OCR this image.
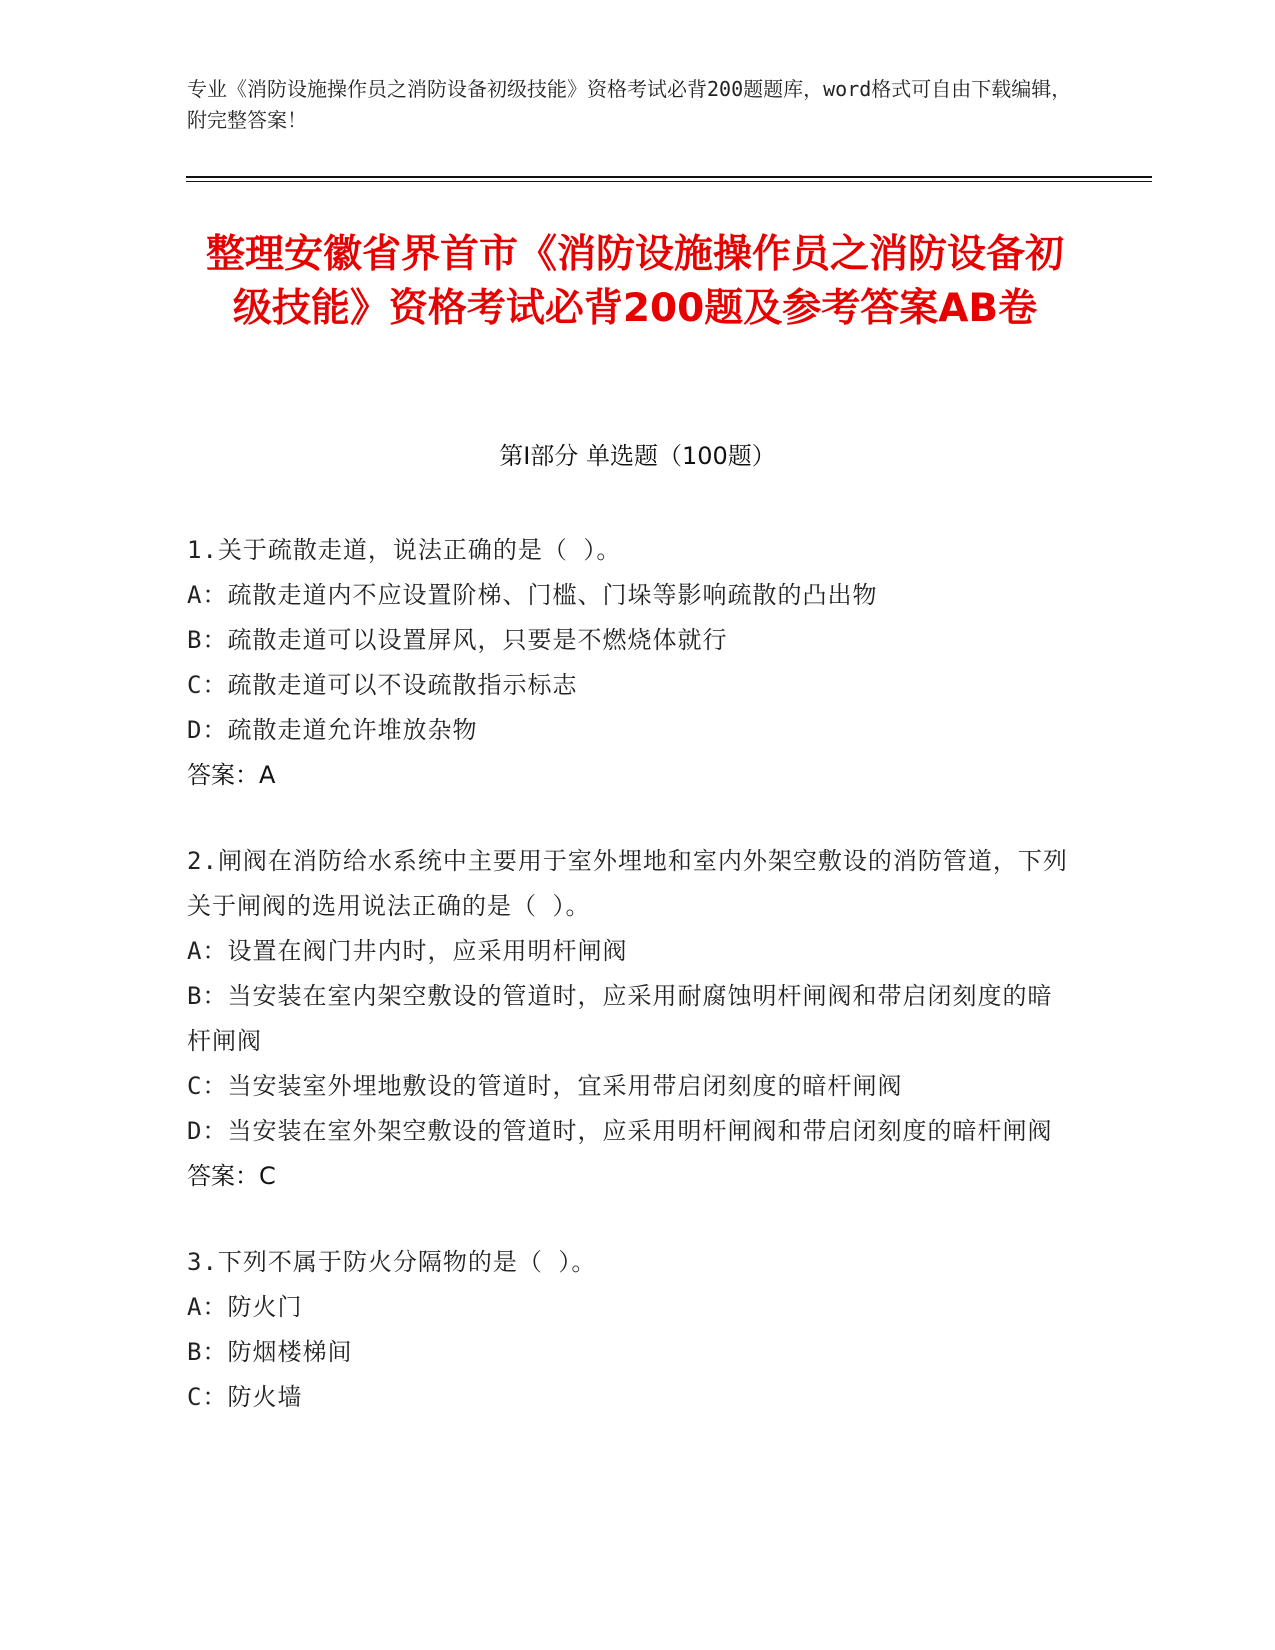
专业《消防设施操作员之消防设备初级技能》资格考试必背200题题库，word格式可自由下载编辑，附完整答案！
整理安徽省界首市《消防设施操作员之消防设备初级技能》资格考试必背200题及参考答案AB卷
第Ⅰ部分 单选题（100题）
1.关于疏散走道，说法正确的是（ ）。
A：疏散走道内不应设置阶梯、门槛、门垛等影响疏散的凸出物
B：疏散走道可以设置屏风，只要是不燃烧体就行
C：疏散走道可以不设疏散指示标志
D：疏散走道允许堆放杂物
答案：A
2.闸阀在消防给水系统中主要用于室外埋地和室内外架空敷设的消防管道，下列关于闸阀的选用说法正确的是（ ）。
A：设置在阀门井内时，应采用明杆闸阀
B：当安装在室内架空敷设的管道时，应采用耐腐蚀明杆闸阀和带启闭刻度的暗杆闸阀
C：当安装室外埋地敷设的管道时，宜采用带启闭刻度的暗杆闸阀
D：当安装在室外架空敷设的管道时，应采用明杆闸阀和带启闭刻度的暗杆闸阀
答案：C
3.下列不属于防火分隔物的是（ ）。
A：防火门
B：防烟楼梯间
C：防火墙
